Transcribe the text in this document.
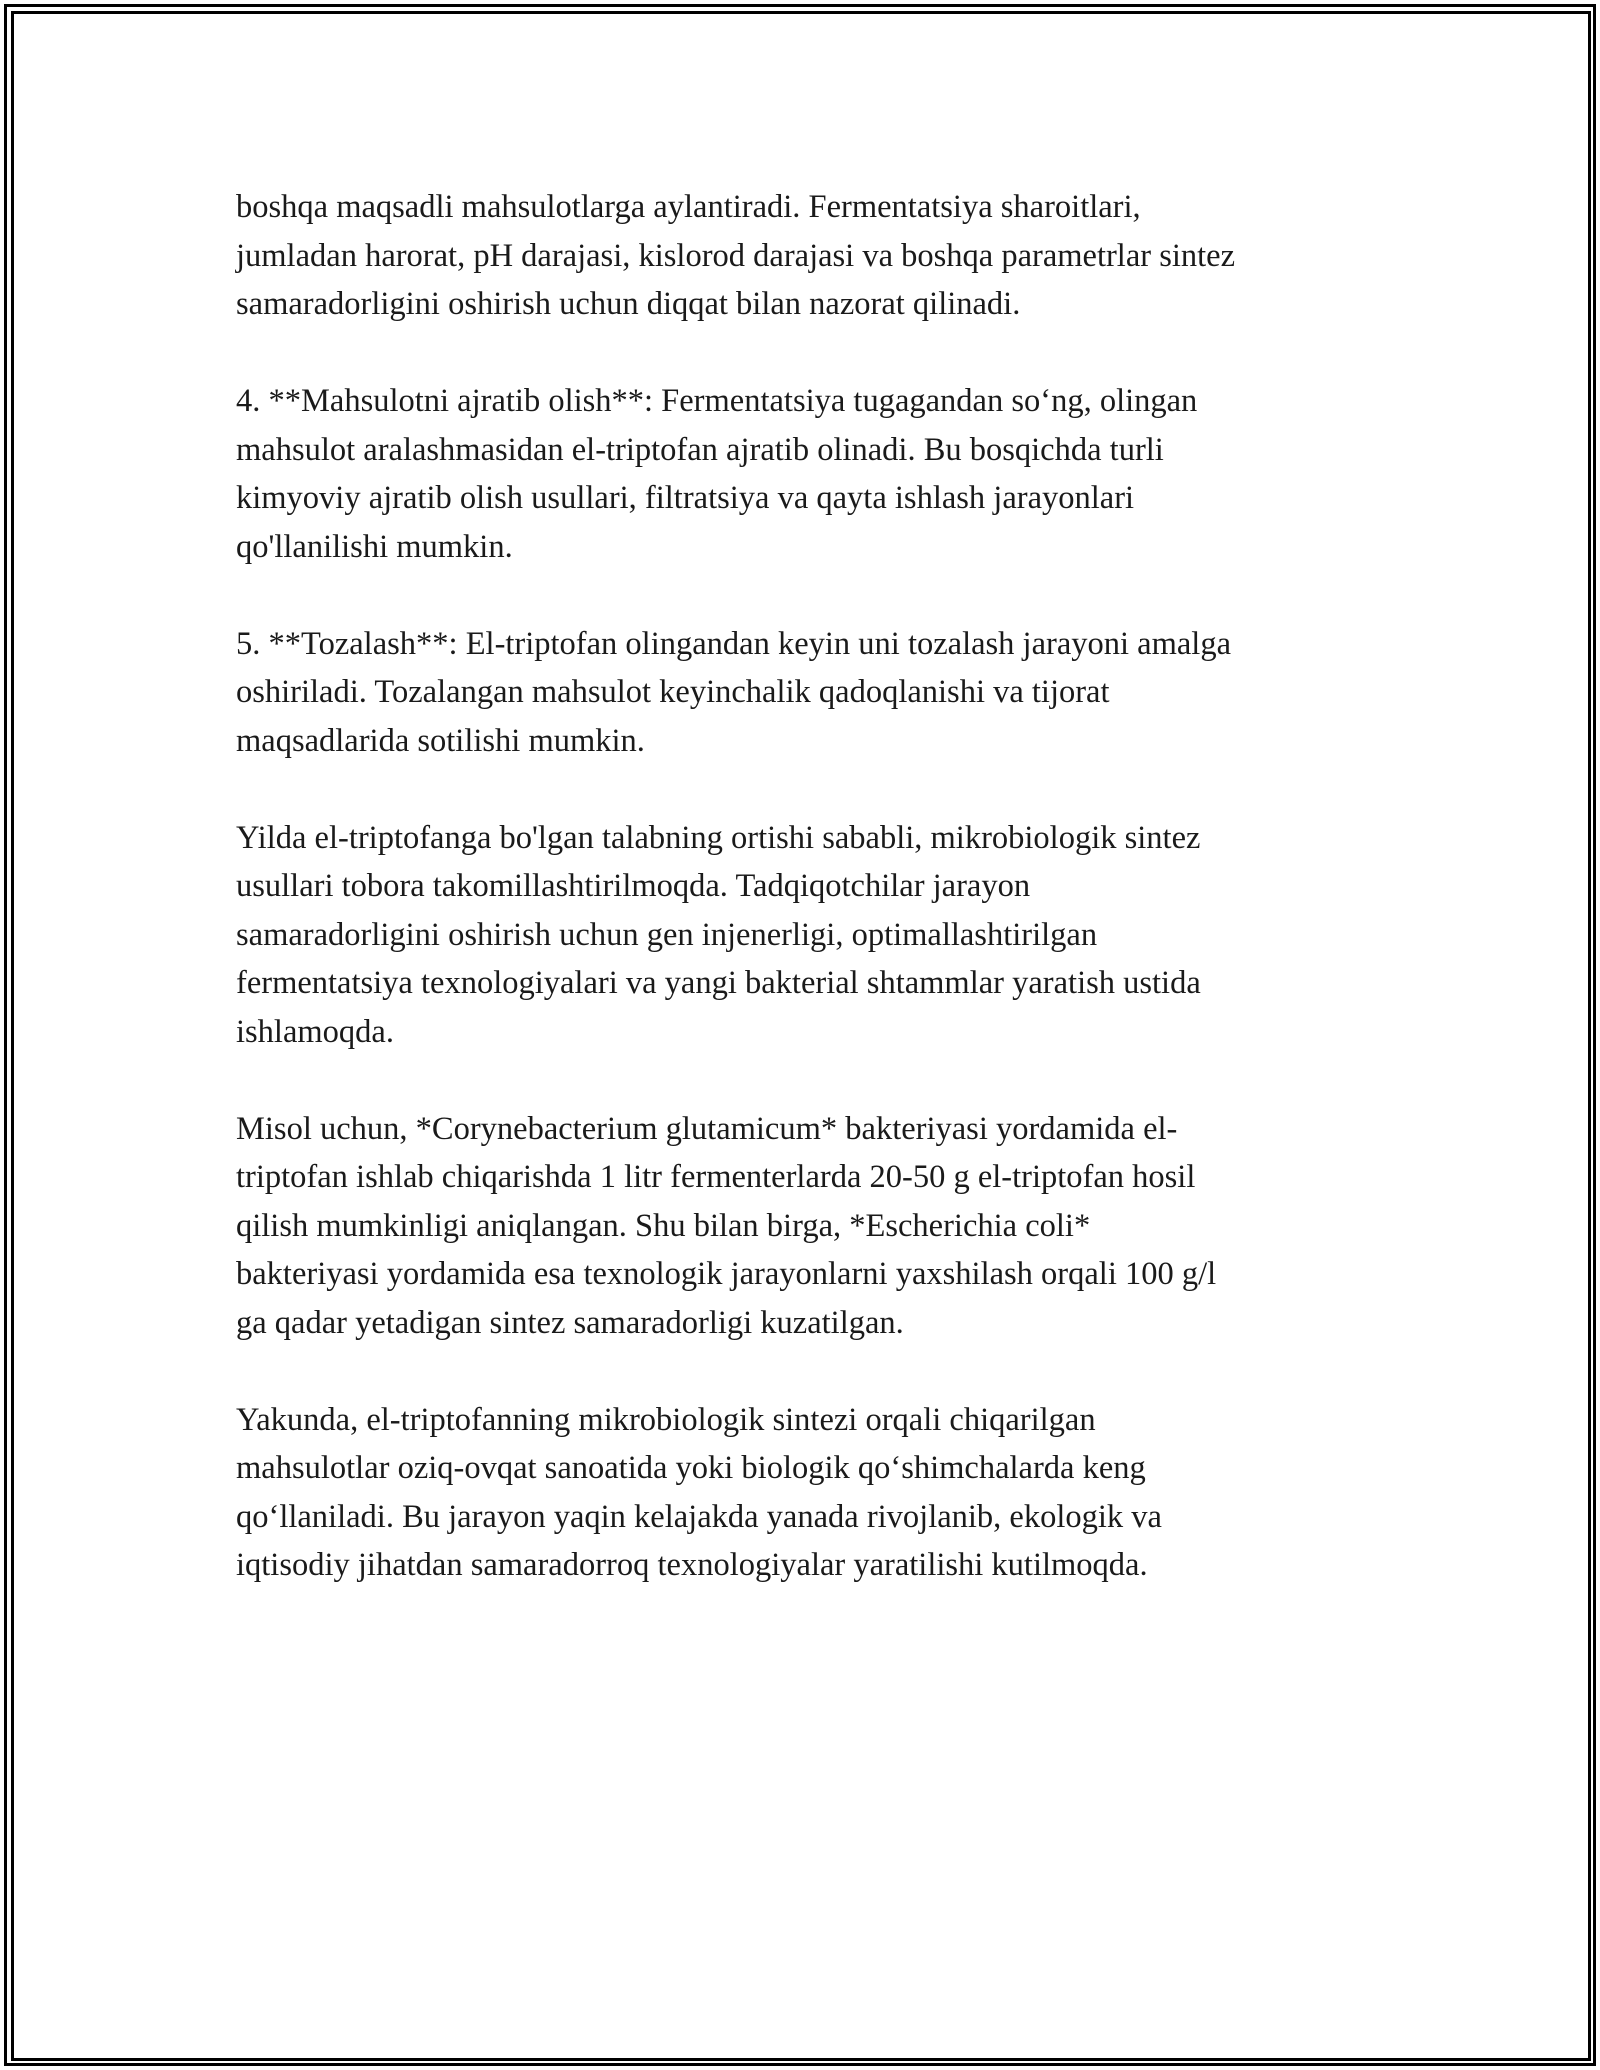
boshqa maqsadli mahsulotlarga aylantiradi. Fermentatsiya sharoitlari,
jumladan harorat, pH darajasi, kislorod darajasi va boshqa parametrlar sintez
samaradorligini oshirish uchun diqqat bilan nazorat qilinadi.

4. **Mahsulotni ajratib olish**: Fermentatsiya tugagandan so‘ng, olingan
mahsulot aralashmasidan el-triptofan ajratib olinadi. Bu bosqichda turli
kimyoviy ajratib olish usullari, filtratsiya va qayta ishlash jarayonlari
qo'llanilishi mumkin.

5. **Tozalash**: El-triptofan olingandan keyin uni tozalash jarayoni amalga
oshiriladi. Tozalangan mahsulot keyinchalik qadoqlanishi va tijorat
maqsadlarida sotilishi mumkin.

Yilda el-triptofanga bo'lgan talabning ortishi sababli, mikrobiologik sintez
usullari tobora takomillashtirilmoqda. Tadqiqotchilar jarayon
samaradorligini oshirish uchun gen injenerligi, optimallashtirilgan
fermentatsiya texnologiyalari va yangi bakterial shtammlar yaratish ustida
ishlamoqda.

Misol uchun, *Corynebacterium glutamicum* bakteriyasi yordamida el-
triptofan ishlab chiqarishda 1 litr fermenterlarda 20-50 g el-triptofan hosil
qilish mumkinligi aniqlangan. Shu bilan birga, *Escherichia coli*
bakteriyasi yordamida esa texnologik jarayonlarni yaxshilash orqali 100 g/l
ga qadar yetadigan sintez samaradorligi kuzatilgan.

Yakunda, el-triptofanning mikrobiologik sintezi orqali chiqarilgan
mahsulotlar oziq-ovqat sanoatida yoki biologik qo‘shimchalarda keng
qo‘llaniladi. Bu jarayon yaqin kelajakda yanada rivojlanib, ekologik va
iqtisodiy jihatdan samaradorroq texnologiyalar yaratilishi kutilmoqda.
